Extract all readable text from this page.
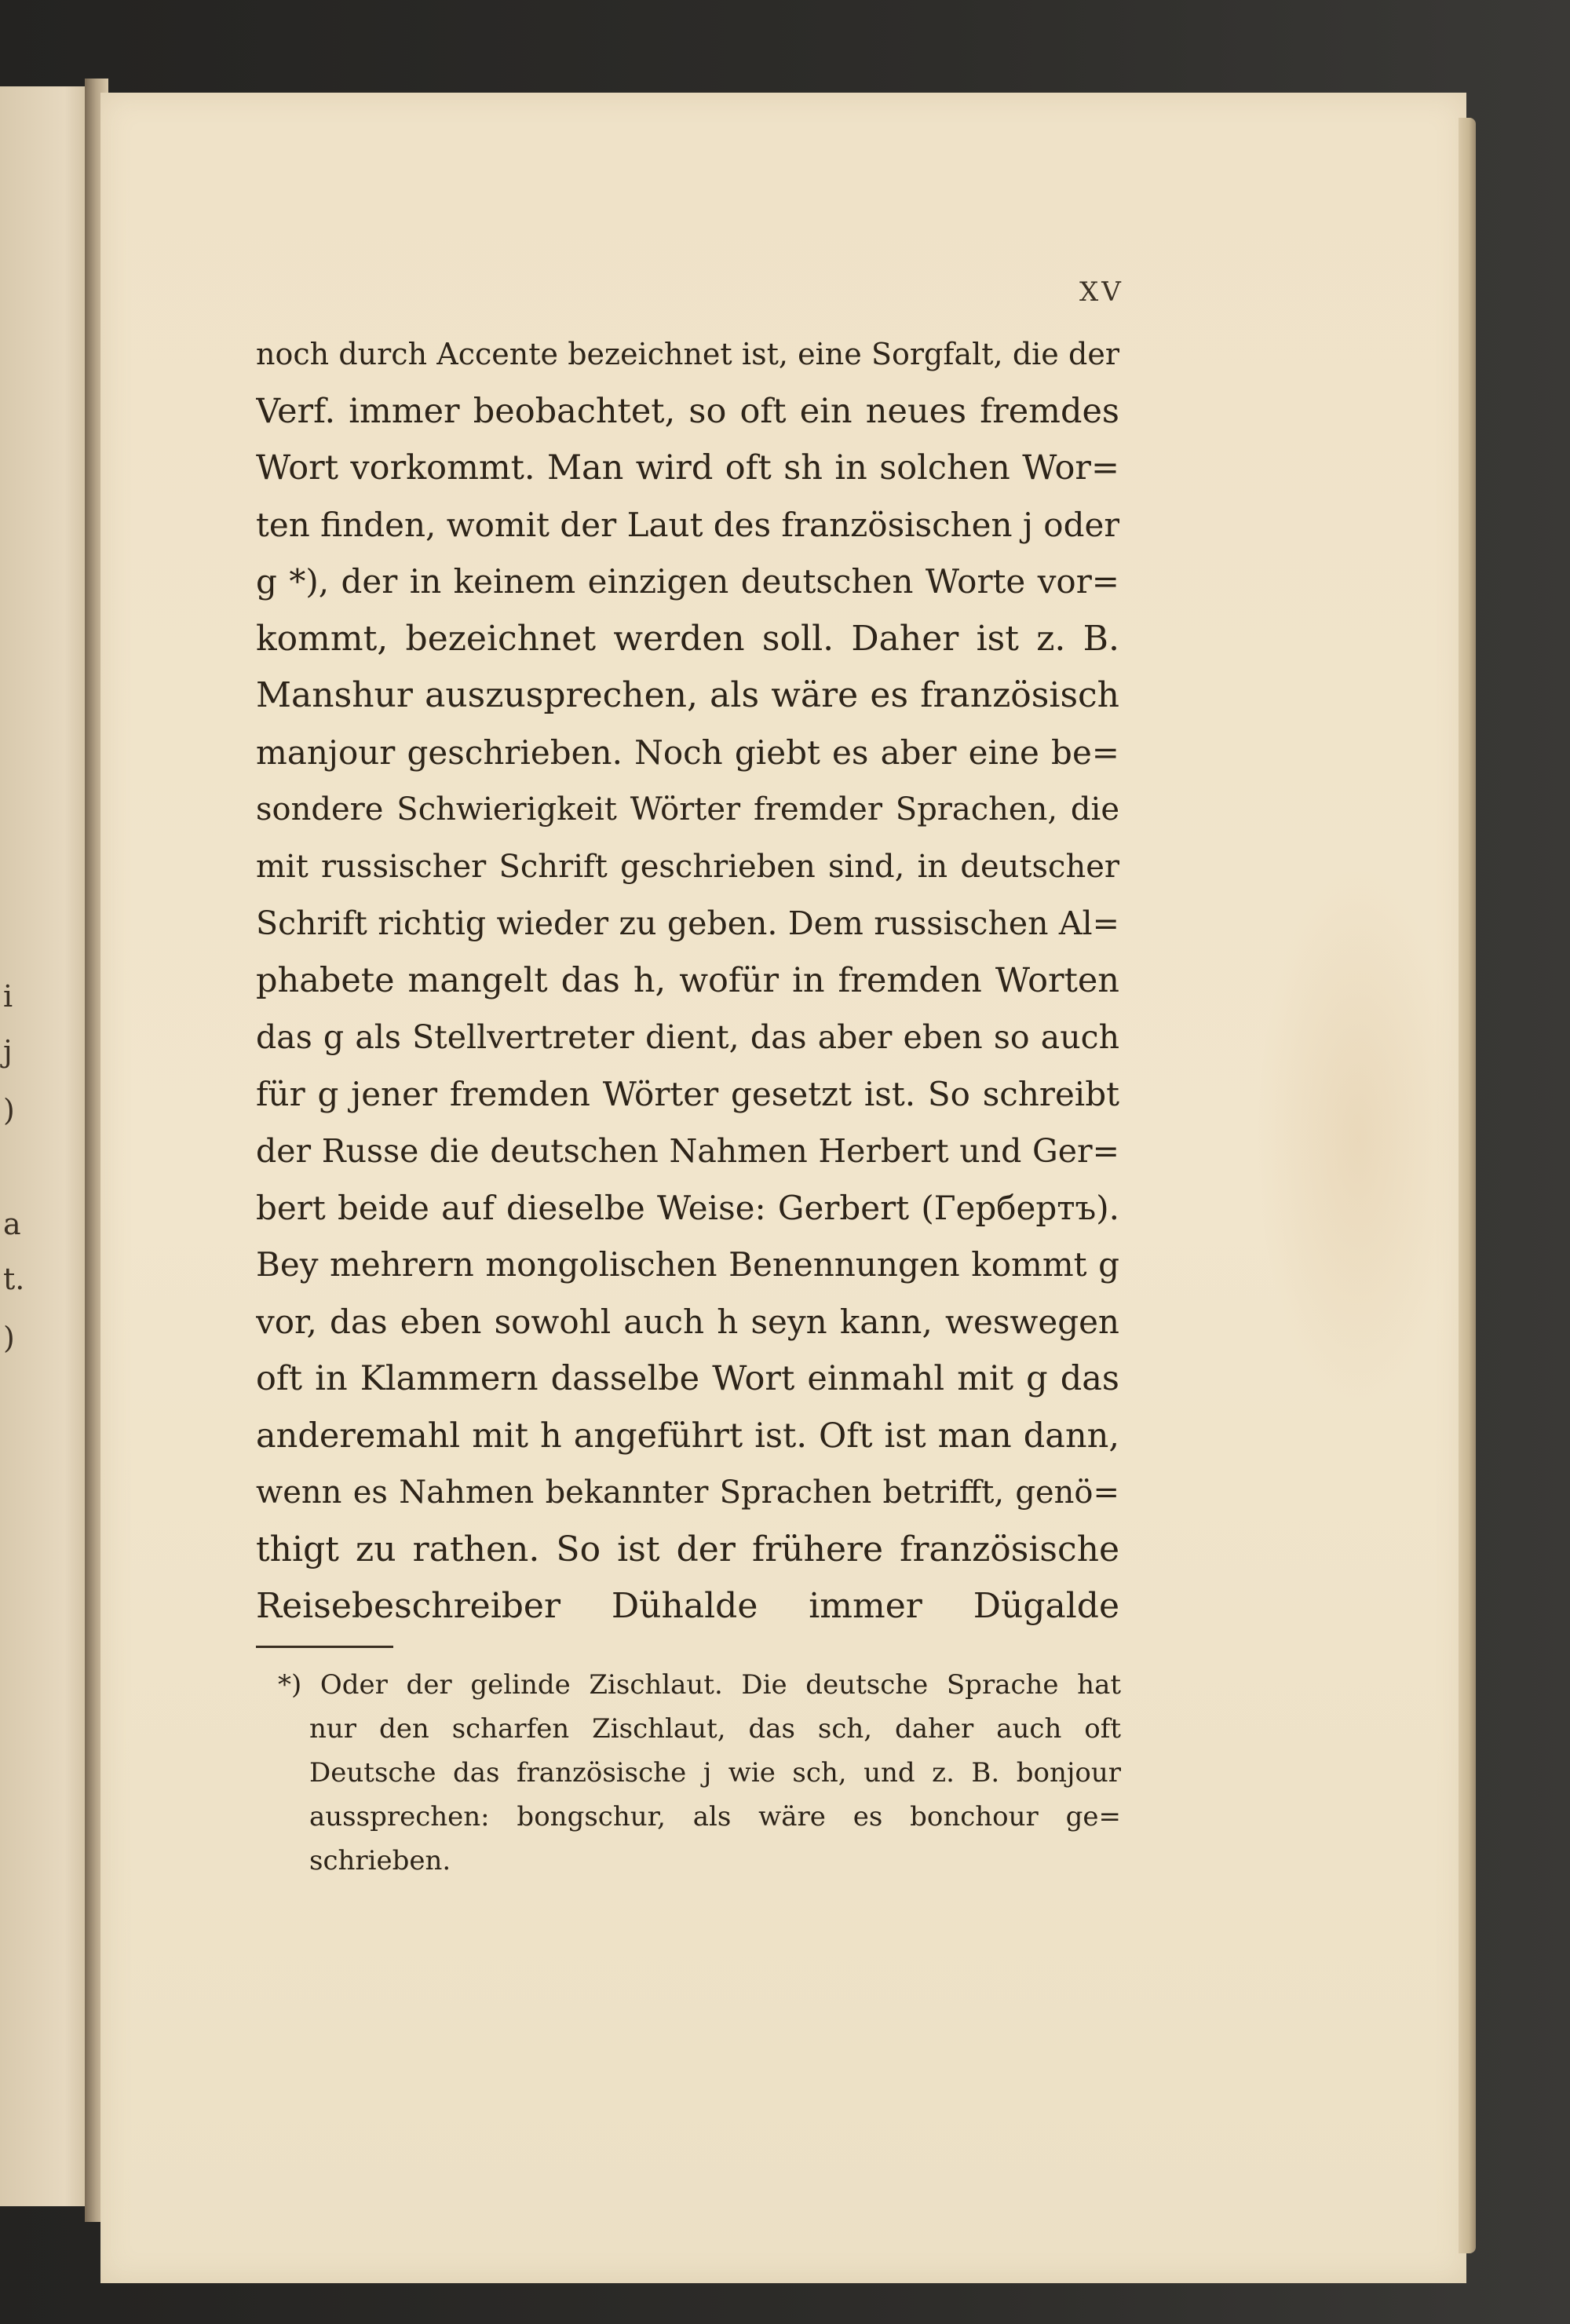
i
j
)
a
t.
)
XV
noch durch Accente bezeichnet ist, eine Sorgfalt, die der
Verf. immer beobachtet, so oft ein neues fremdes
Wort vorkommt. Man wird oft sh in solchen Wor=
ten finden, womit der Laut des französischen j oder
g *), der in keinem einzigen deutschen Worte vor=
kommt, bezeichnet werden soll. Daher ist z. B.
Manshur auszusprechen, als wäre es französisch
manjour geschrieben. Noch giebt es aber eine be=
sondere Schwierigkeit Wörter fremder Sprachen, die
mit russischer Schrift geschrieben sind, in deutscher
Schrift richtig wieder zu geben. Dem russischen Al=
phabete mangelt das h, wofür in fremden Worten
das g als Stellvertreter dient, das aber eben so auch
für g jener fremden Wörter gesetzt ist. So schreibt
der Russe die deutschen Nahmen Herbert und Ger=
bert beide auf dieselbe Weise: Gerbert (Гербертъ).
Bey mehrern mongolischen Benennungen kommt g
vor, das eben sowohl auch h seyn kann, weswegen
oft in Klammern dasselbe Wort einmahl mit g das
anderemahl mit h angeführt ist. Oft ist man dann,
wenn es Nahmen bekannter Sprachen betrifft, genö=
thigt zu rathen. So ist der frühere französische
Reisebeschreiber Dühalde immer Dügalde
*) Oder der gelinde Zischlaut. Die deutsche Sprache hat
nur den scharfen Zischlaut, das sch, daher auch oft
Deutsche das französische j wie sch, und z. B. bonjour
aussprechen: bongschur, als wäre es bonchour ge=
schrieben.
